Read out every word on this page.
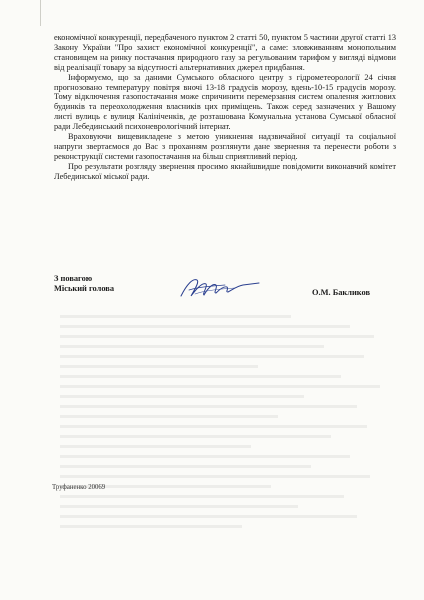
економічної конкуренції, передбаченого пунктом 2 статті 50, пунктом 5 частини другої статті 13 Закону України "Про захист економічної конкуренції", а саме: зловживанням монопольним становищем на ринку постачання природного газу за регульованим тарифом у вигляді відмови від реалізації товару за відсутності альтернативних джерел придбання.

Інформуємо, що за даними Сумського обласного центру з гідрометеорології 24 січня прогнозовано температуру повітря вночі 13-18 градусів морозу, вдень-10-15 градусів морозу. Тому відключення газопостачання може спричинити перемерзання систем опалення житлових будинків та переохолодження власників цих приміщень. Також серед зазначених у Вашому листі вулиць є вулиця Калініченків, де розташована Комунальна установа Сумської обласної ради Лебединський психоневрологічний інтернат.

Враховуючи вищевикладене з метою уникнення надзвичайної ситуації та соціальної напруги звертаємося до Вас з проханням розглянути дане звернення та перенести роботи з реконструкції системи газопостачання на більш сприятливий період.

Про результати розгляду звернення просимо якнайшвидше повідомити виконавчий комітет Лебединської міської ради.

З повагою
Міський голова	О.М. Бакликов
Труфаненко 20069
